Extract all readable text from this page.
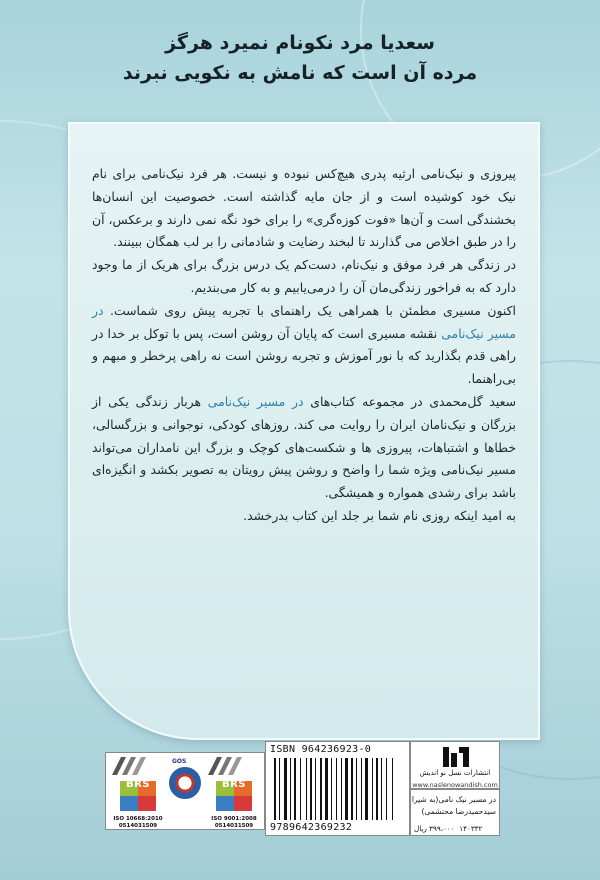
سعدیا مرد نکونام نمیرد هرگز
مرده آن است که نامش به نکویی نبرند

پیروزی و نیک‌نامی ارثیه پدری هیچ‌کس نبوده و نیست. هر فرد نیک‌نامی برای نام نیک خود کوشیده است و از جان مایه گذاشته است. خصوصیت این انسان‌ها بخشندگی است و آن‌ها «فوت کوزه‌گری» را برای خود نگه نمی دارند و برعکس، آن را در طبق اخلاص می گذارند تا لبخند رضایت و شادمانی را بر لب همگان ببینند.

در زندگی هر فرد موفق و نیک‌نام، دست‌کم یک درس بزرگ برای هریک از ما وجود دارد که به فراخور زندگی‌مان آن را درمی‌یابیم و به کار می‌بندیم.

اکنون مسیری مطمئن با همراهی یک راهنمای با تجربه پیش روی شماست. در مسیر نیک‌نامی نقشه مسیری است که پایان آن روشن است، پس با توکل بر خدا در راهی قدم بگذارید که با نور آموزش و تجربه روشن است نه راهی پرخطر و مبهم و بی‌راهنما.

سعید گل‌محمدی در مجموعه کتاب‌های در مسیر نیک‌نامی هربار زندگی یکی از بزرگان و نیک‌نامان ایران را روایت می کند. روزهای کودکی، نوجوانی و بزرگسالی، خطاها و اشتباهات، پیروزی ها و شکست‌های کوچک و بزرگ این نامداران می‌تواند مسیر نیک‌نامی ویژه شما را واضح و روشن پیش رویتان به تصویر بکشد و انگیزه‌ای باشد برای رشدی همواره و همیشگی.

به امید اینکه روزی نام شما بر جلد این کتاب بدرخشد.

BRS
ISO 10668:2010
0514031509
GOS
BRS
ISO 9001:2008
0514031509
ISBN 964236923-0
9789642369232
انتشارات نسل نو اندیش
www.naslenowandish.com
در مسیر نیک نامی(به شیرا
سیدحمیدرضا محتشمی)
۱۴۰۳۳۲  ۳۹۹،۰۰۰ ریال
